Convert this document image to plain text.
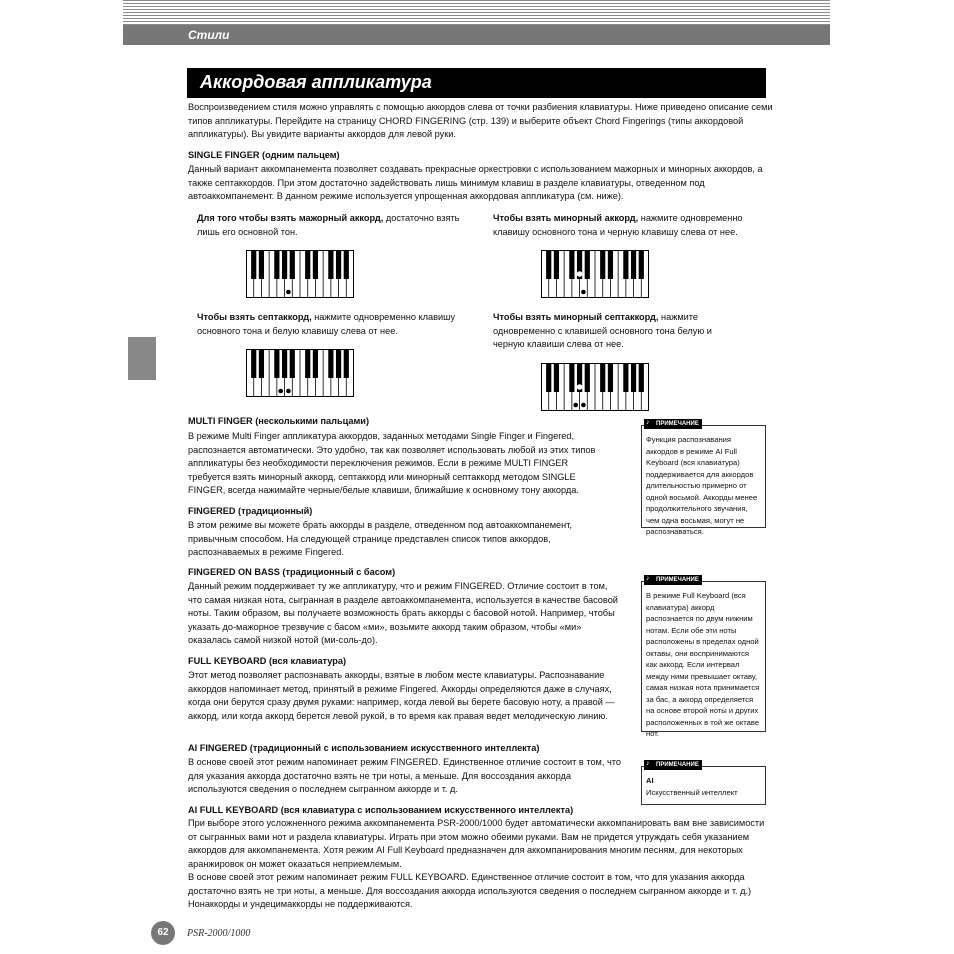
Стили
Аккордовая аппликатура

Воспроизведением стиля можно управлять с помощью аккордов слева от точки разбиения клавиатуры. Ниже приведено описание семи типов аппликатуры. Перейдите на страницу CHORD FINGERING (стр. 139) и выберите объект Chord Fingerings (типы аккордовой аппликатуры). Вы увидите варианты аккордов для левой руки.

SINGLE FINGER (одним пальцем)

Данный вариант аккомпанемента позволяет создавать прекрасные оркестровки с использованием мажорных и минорных аккордов, а также септаккордов. При этом достаточно задействовать лишь минимум клавиш в разделе клавиатуры, отведенном под автоаккомпанемент. В данном режиме используется упрощенная аккордовая аппликатура (см. ниже).

Для того чтобы взять мажорный аккорд, достаточно взять лишь его основной тон.

Чтобы взять минорный аккорд, нажмите одновременно клавишу основного тона и черную клавишу слева от нее.

Чтобы взять септаккорд, нажмите одновременно клавишу основного тона и белую клавишу слева от нее.

Чтобы взять минорный септаккорд, нажмите одновременно с клавишей основного тона белую и черную клавиши слева от нее.

MULTI FINGER (несколькими пальцами)

В режиме Multi Finger аппликатура аккордов, заданных методами Single Finger и Fingered, распознается автоматически. Это удобно, так как позволяет использовать любой из этих типов аппликатуры без необходимости переключения режимов. Если в режиме MULTI FINGER требуется взять минорный аккорд, септаккорд или минорный септаккорд методом SINGLE FINGER, всегда нажимайте черные/белые клавиши, ближайшие к основному тону аккорда.

FINGERED (традиционный)

В этом режиме вы можете брать аккорды в разделе, отведенном под автоаккомпанемент, привычным способом. На следующей странице представлен список типов аккордов, распознаваемых в режиме Fingered.

FINGERED ON BASS (традиционный с басом)

Данный режим поддерживает ту же аппликатуру, что и режим FINGERED. Отличие состоит в том, что самая низкая нота, сыгранная в разделе автоаккомпанемента, используется в качестве басовой ноты. Таким образом, вы получаете возможность брать аккорды с басовой нотой. Например, чтобы указать до-мажорное трезвучие с басом «ми», возьмите аккорд таким образом, чтобы «ми» оказалась самой низкой нотой (ми-соль-до).

FULL KEYBOARD (вся клавиатура)

Этот метод позволяет распознавать аккорды, взятые в любом месте клавиатуры. Распознавание аккордов напоминает метод, принятый в режиме Fingered. Аккорды определяются даже в случаях, когда они берутся сразу двумя руками: например, когда левой вы берете басовую ноту, а правой — аккорд, или когда аккорд берется левой рукой, в то время как правая ведет мелодическую линию.

AI FINGERED (традиционный с использованием искусственного интеллекта)

В основе своей этот режим напоминает режим FINGERED. Единственное отличие состоит в том, что для указания аккорда достаточно взять не три ноты, а меньше. Для воссоздания аккорда используются сведения о последнем сыгранном аккорде и т. д.

AI FULL KEYBOARD (вся клавиатура с использованием искусственного интеллекта)

При выборе этого усложненного режима аккомпанемента PSR-2000/1000 будет автоматически аккомпанировать вам вне зависимости от сыгранных вами нот и раздела клавиатуры. Играть при этом можно обеими руками. Вам не придется утруждать себя указанием аккордов для аккомпанемента. Хотя режим AI Full Keyboard предназначен для аккомпанирования многим песням, для некоторых аранжировок он может оказаться неприемлемым.

В основе своей этот режим напоминает режим FULL KEYBOARD. Единственное отличие состоит в том, что для указания аккорда достаточно взять не три ноты, а меньше. Для воссоздания аккорда используются сведения о последнем сыгранном аккорде и т. д.) Нонаккорды и ундецимаккорды не поддерживаются.

♪ ПРИМЕЧАНИЕ

Функция распознавания аккордов в режиме AI Full Keyboard (вся клавиатура) поддерживается для аккордов длительностью примерно от одной восьмой. Аккорды менее продолжительного звучания, чем одна восьмая, могут не распознаваться.

♪ ПРИМЕЧАНИЕ

В режиме Full Keyboard (вся клавиатура) аккорд распознается по двум нижним нотам. Если обе эти ноты расположены в пределах одной октавы, они воспринимаются как аккорд. Если интервал между ними превышает октаву, самая низкая нота принимается за бас, а аккорд определяется на основе второй ноты и других расположенных в той же октаве нот.

♪ ПРИМЕЧАНИЕ

AI
Искусственный интеллект

62	PSR-2000/1000
